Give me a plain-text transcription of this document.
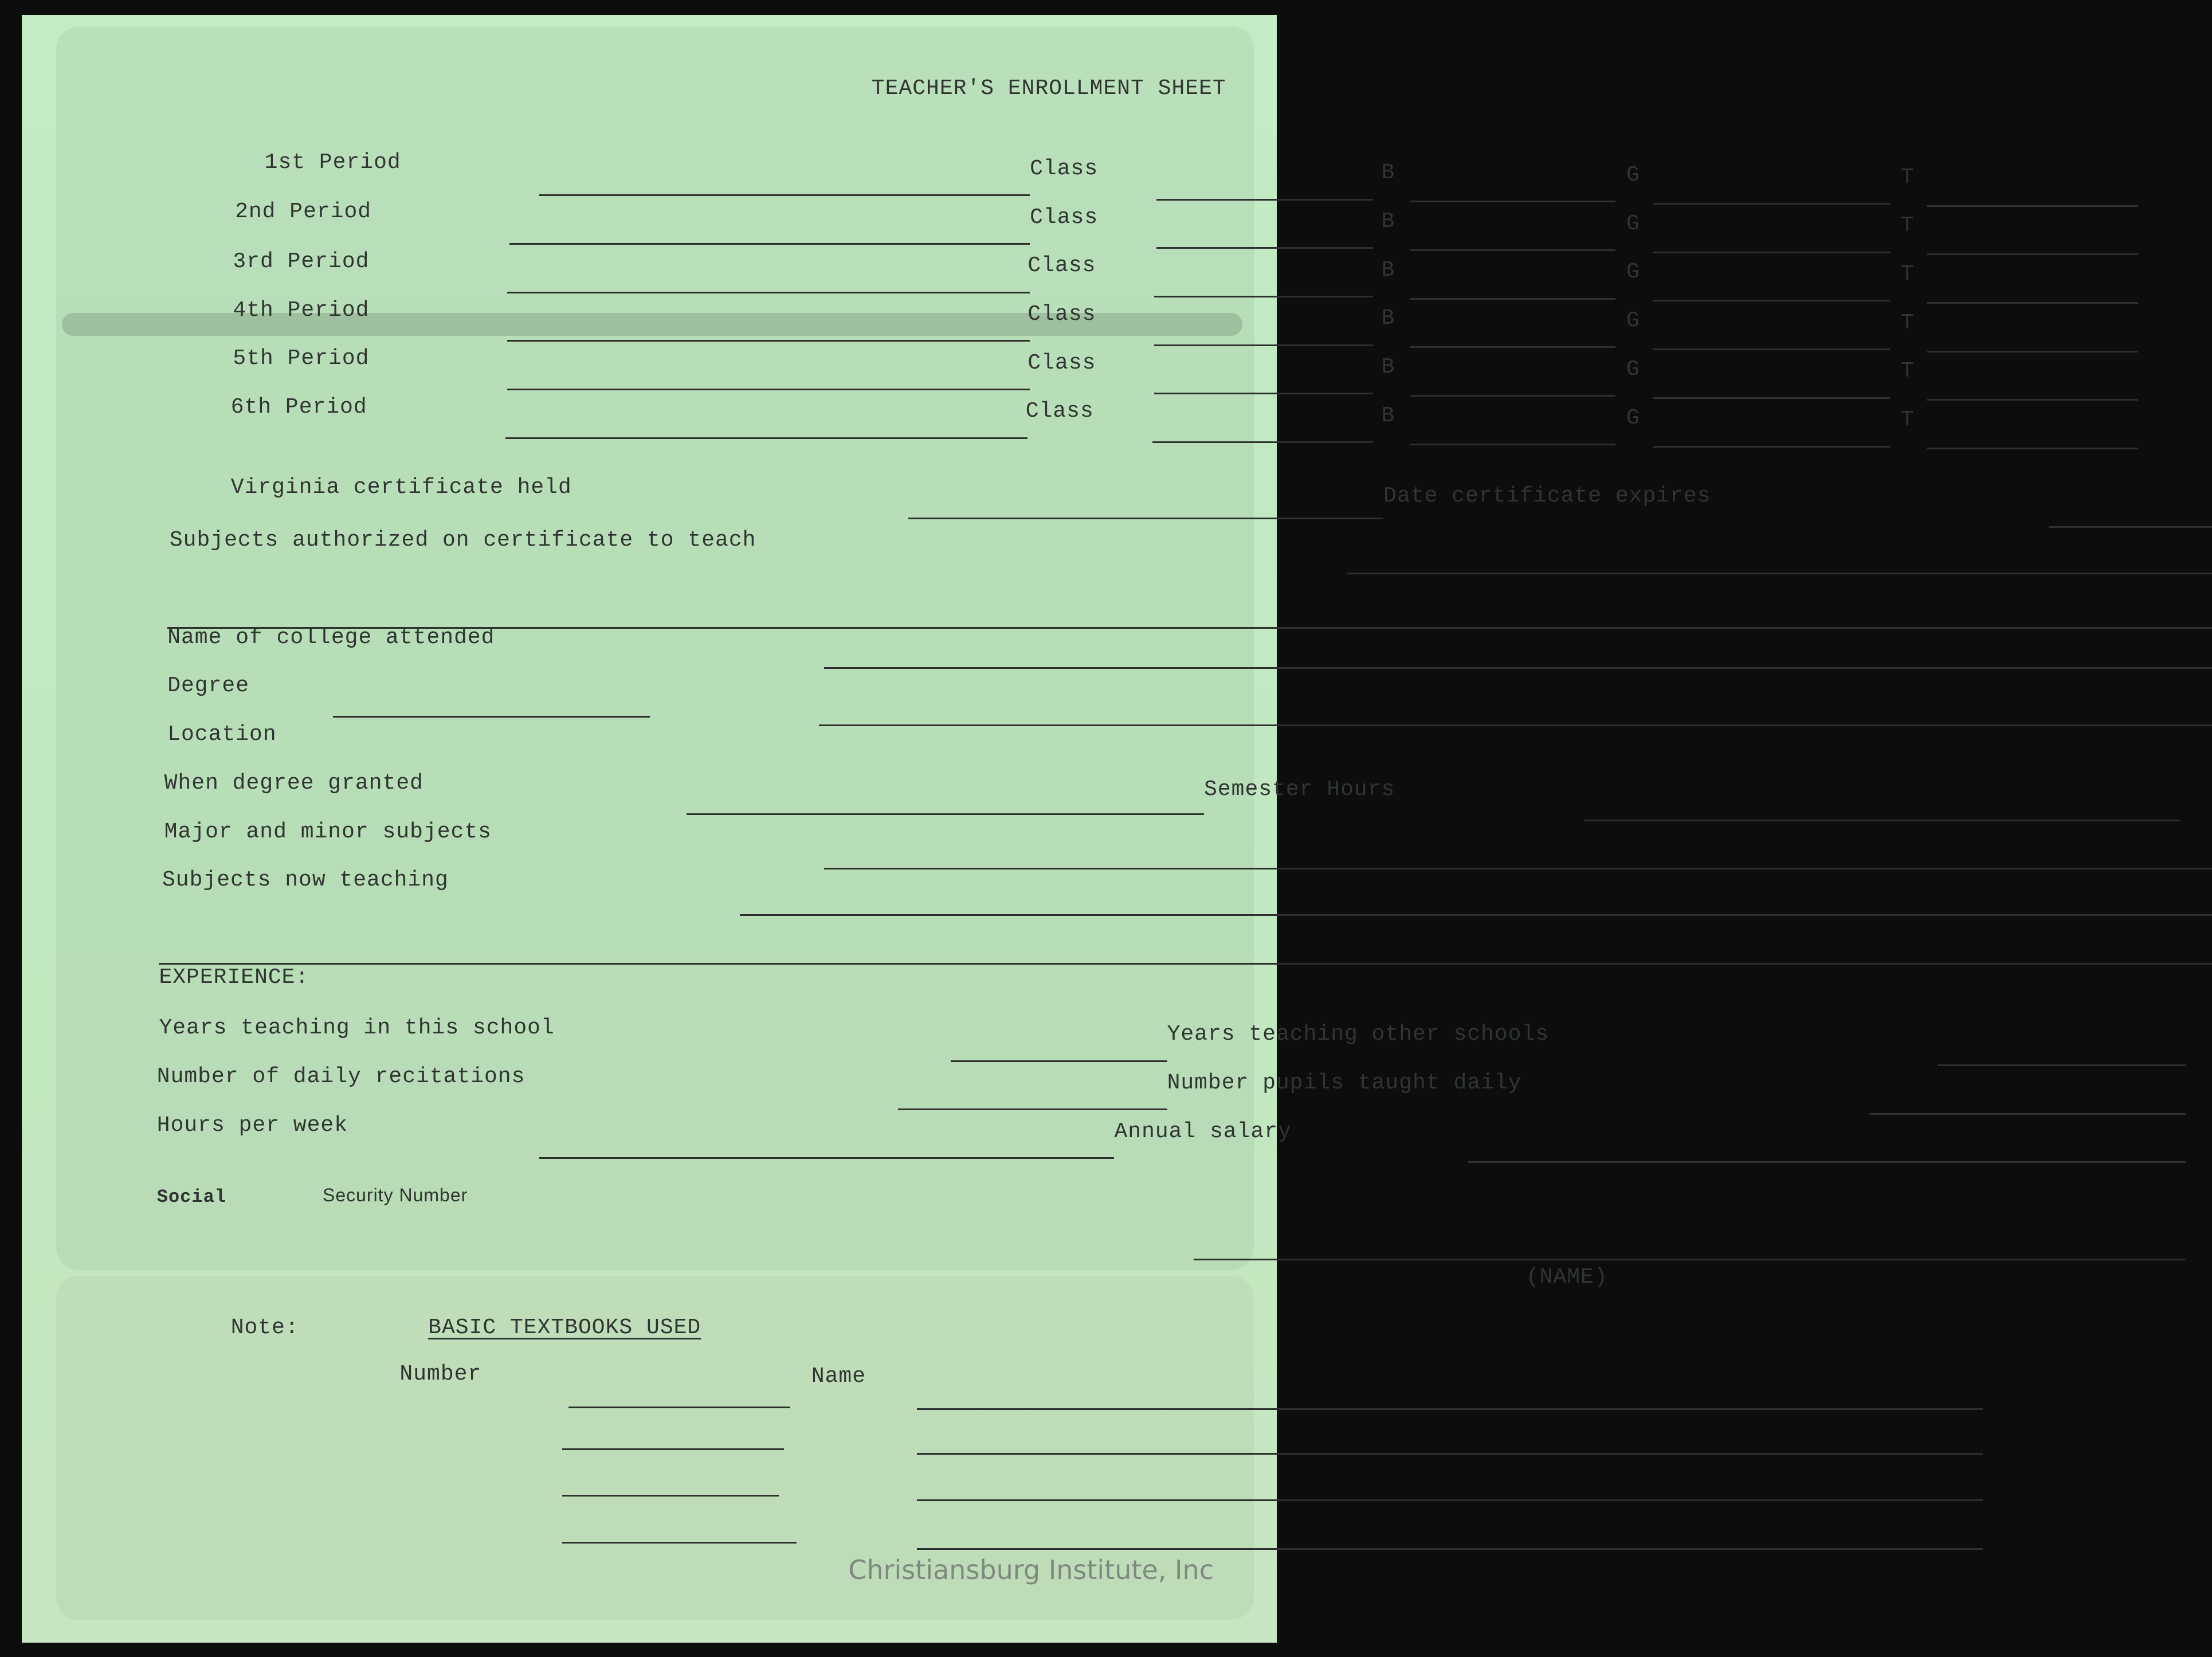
TEACHER'S ENROLLMENT SHEET
1st Period	Class	B	G	T
2nd Period	Class	B	G	T
3rd Period	Class	B	G	T
4th Period	Class	B	G	T
5th Period	Class	B	G	T
6th Period	Class	B	G	T
Virginia certificate held	Date certificate expires
Subjects authorized on certificate to teach
Name of college attended
Degree
Location
When degree granted	Semester Hours
Major and minor subjects
Subjects now teaching
EXPERIENCE:
Years teaching in this school	Years teaching other schools
Number of daily recitations	Number pupils taught daily
Hours per week	Annual salary
Social	Security Number
(NAME)
Note:	BASIC TEXTBOOKS USED
Number	Name
Christiansburg Institute, Inc
